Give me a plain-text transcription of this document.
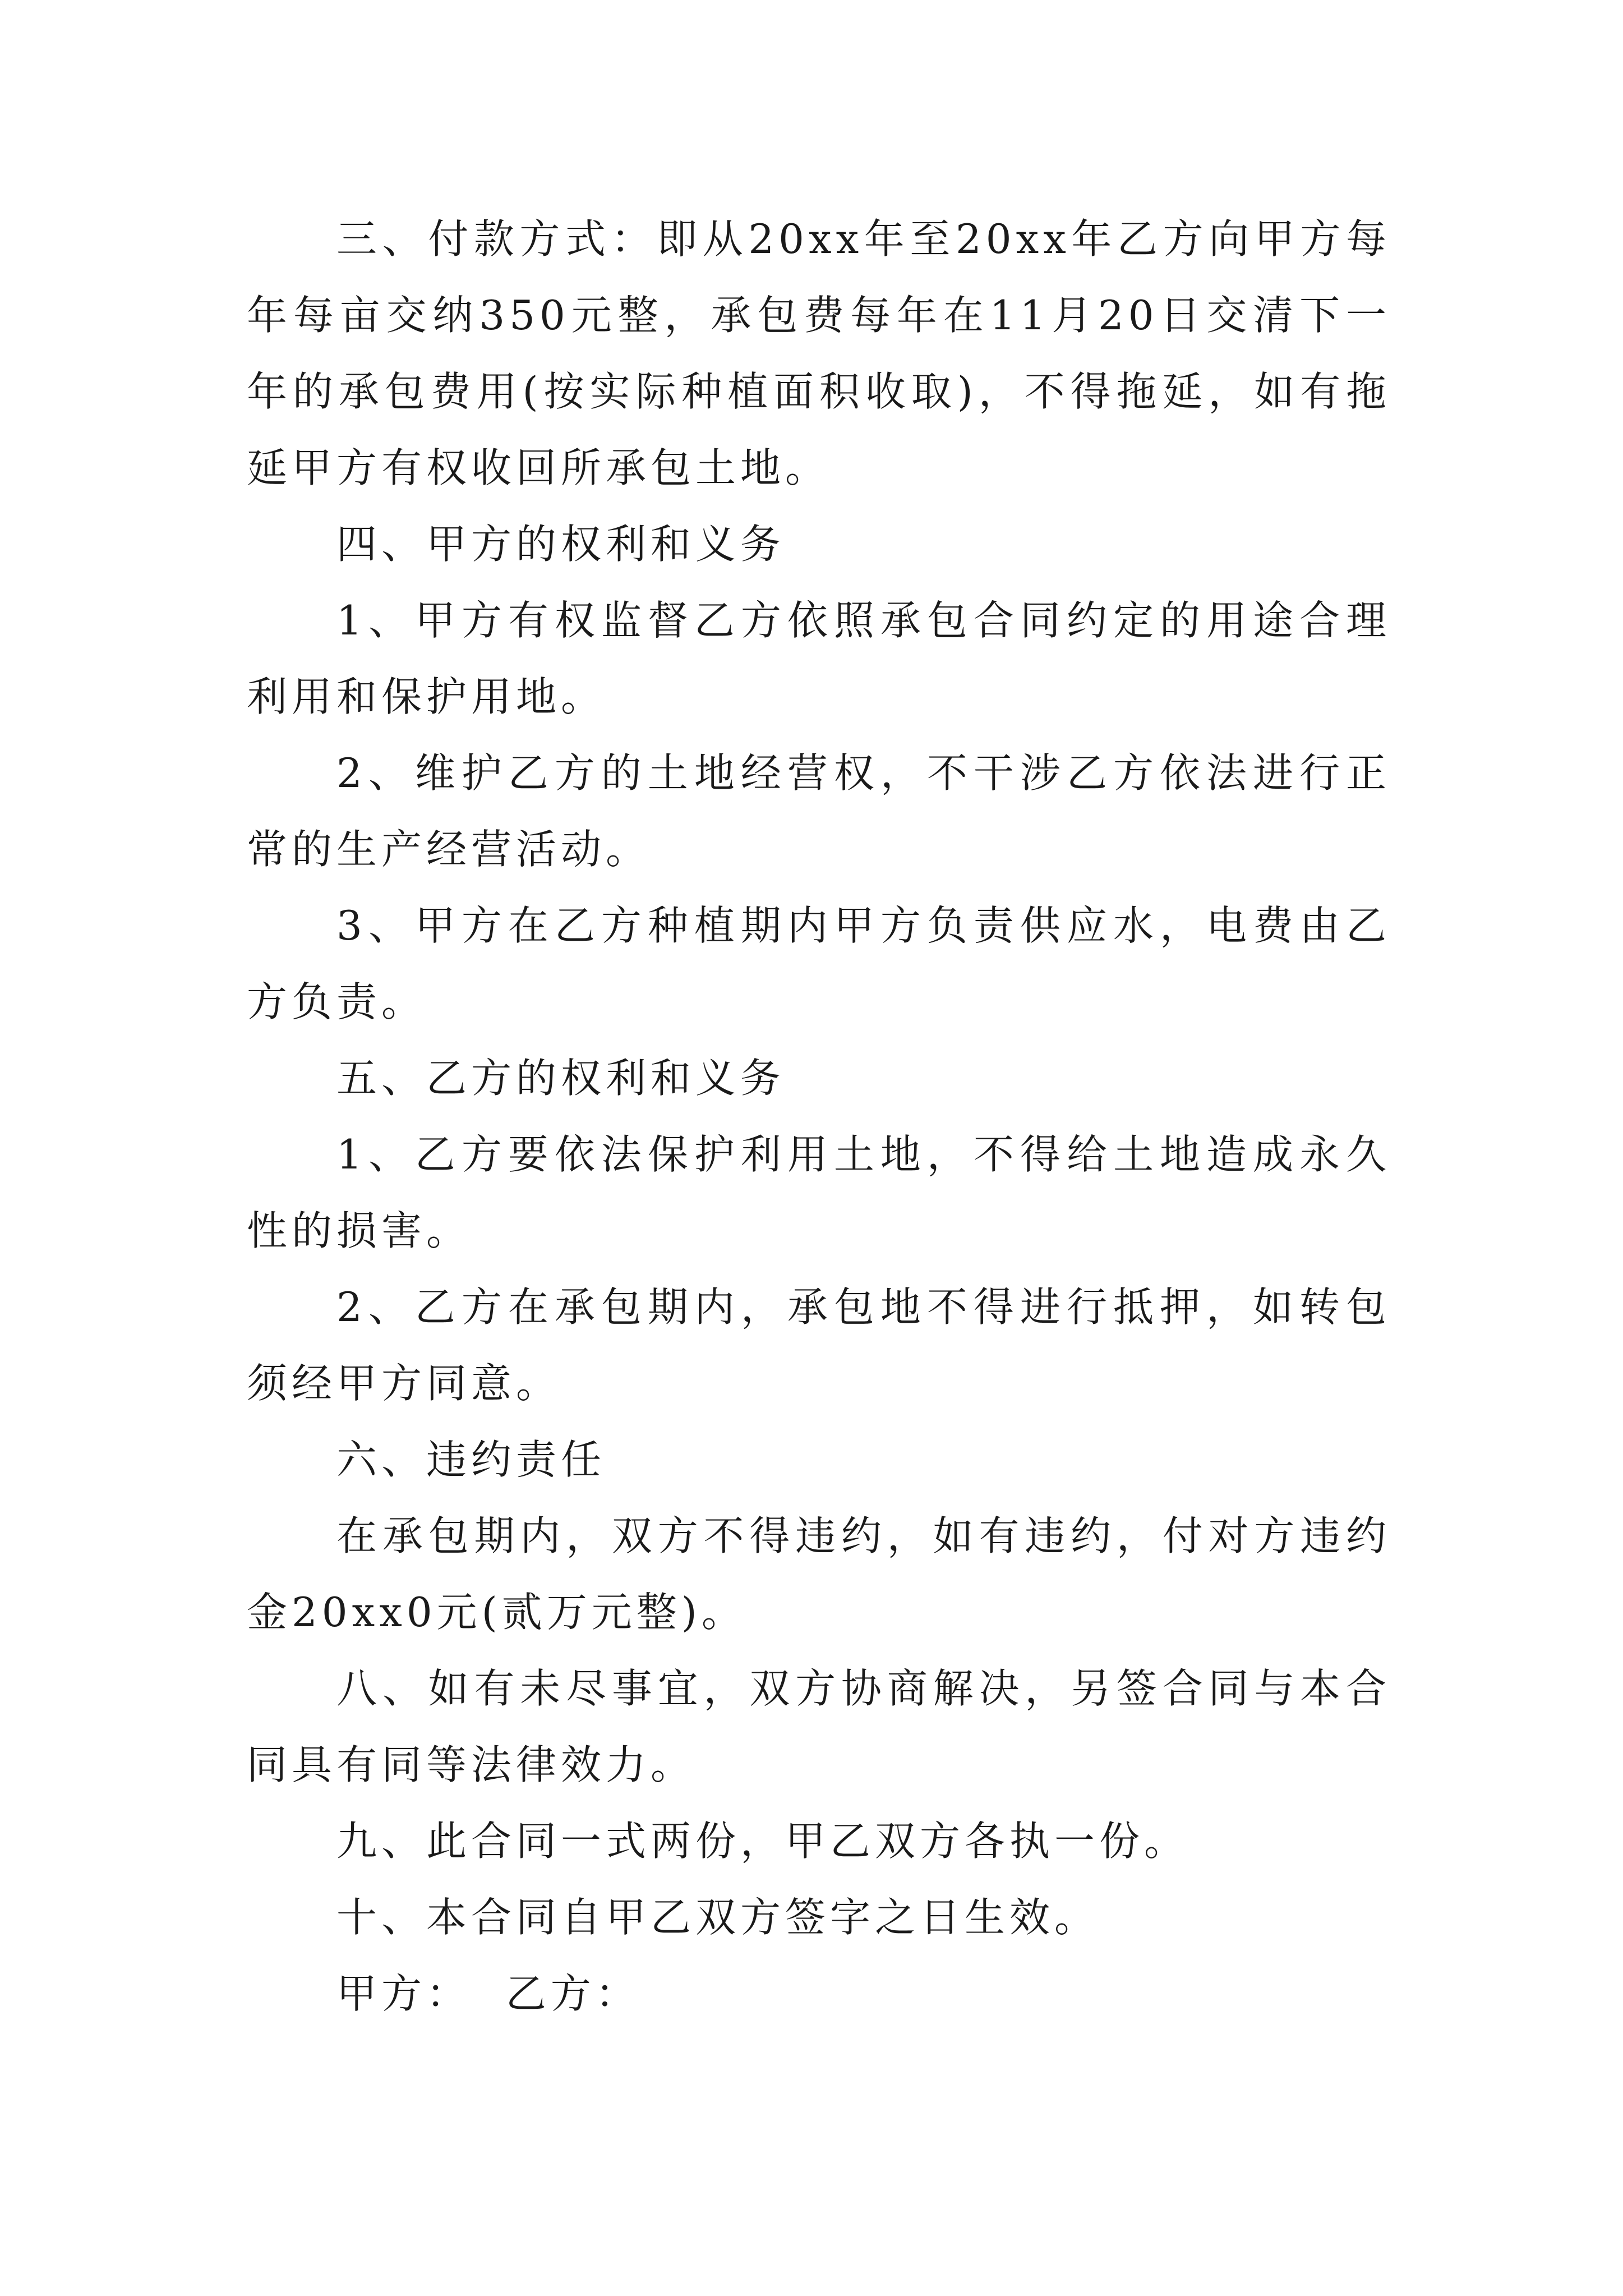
三、付款方式：即从20xx年至20xx年乙方向甲方每年每亩交纳350元整，承包费每年在11月20日交清下一年的承包费用(按实际种植面积收取)，不得拖延，如有拖延甲方有权收回所承包土地。

四、甲方的权利和义务

1、甲方有权监督乙方依照承包合同约定的用途合理利用和保护用地。

2、维护乙方的土地经营权，不干涉乙方依法进行正常的生产经营活动。

3、甲方在乙方种植期内甲方负责供应水，电费由乙方负责。

五、乙方的权利和义务

1、乙方要依法保护利用土地，不得给土地造成永久性的损害。

2、乙方在承包期内，承包地不得进行抵押，如转包须经甲方同意。

六、违约责任

在承包期内，双方不得违约，如有违约，付对方违约金20xx0元(贰万元整)。

八、如有未尽事宜，双方协商解决，另签合同与本合同具有同等法律效力。

九、此合同一式两份，甲乙双方各执一份。

十、本合同自甲乙双方签字之日生效。

甲方：  乙方：
